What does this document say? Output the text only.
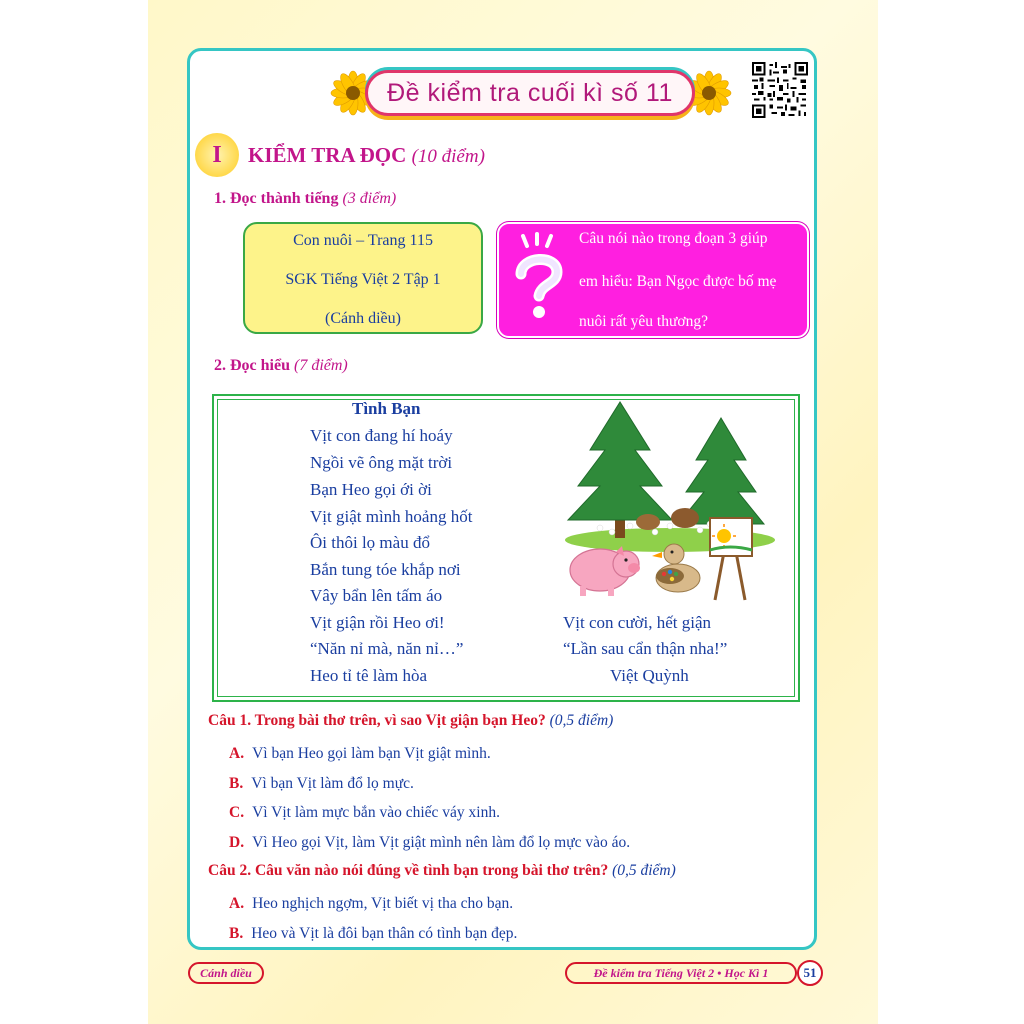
Đề kiểm tra cuối kì số 11
I KIỂM TRA ĐỌC (10 điểm)
1. Đọc thành tiếng (3 điểm)
Con nuôi – Trang 115
SGK Tiếng Việt 2 Tập 1
(Cánh diều)
Câu nói nào trong đoạn 3 giúp
em hiểu: Bạn Ngọc được bố mẹ
nuôi rất yêu thương?
2. Đọc hiểu (7 điểm)
Tình Bạn
Vịt con đang hí hoáy
Ngồi vẽ ông mặt trời
Bạn Heo gọi ới ời
Vịt giật mình hoảng hốt
Ôi thôi lọ màu đổ
Bắn tung tóe khắp nơi
Vây bẩn lên tấm áo
Vịt giận rồi Heo ơi!
“Năn nỉ mà, năn nỉ…”
Heo tỉ tê làm hòa
Vịt con cười, hết giận
“Lần sau cẩn thận nha!”
Việt Quỳnh
Câu 1. Trong bài thơ trên, vì sao Vịt giận bạn Heo? (0,5 điểm)
A. Vì bạn Heo gọi làm bạn Vịt giật mình.
B. Vì bạn Vịt làm đổ lọ mực.
C. Vì Vịt làm mực bắn vào chiếc váy xinh.
D. Vì Heo gọi Vịt, làm Vịt giật mình nên làm đổ lọ mực vào áo.
Câu 2. Câu văn nào nói đúng về tình bạn trong bài thơ trên? (0,5 điểm)
A. Heo nghịch ngợm, Vịt biết vị tha cho bạn.
B. Heo và Vịt là đôi bạn thân có tình bạn đẹp.
Cánh diều	Đề kiểm tra Tiếng Việt 2 • Học Kì 1	51
